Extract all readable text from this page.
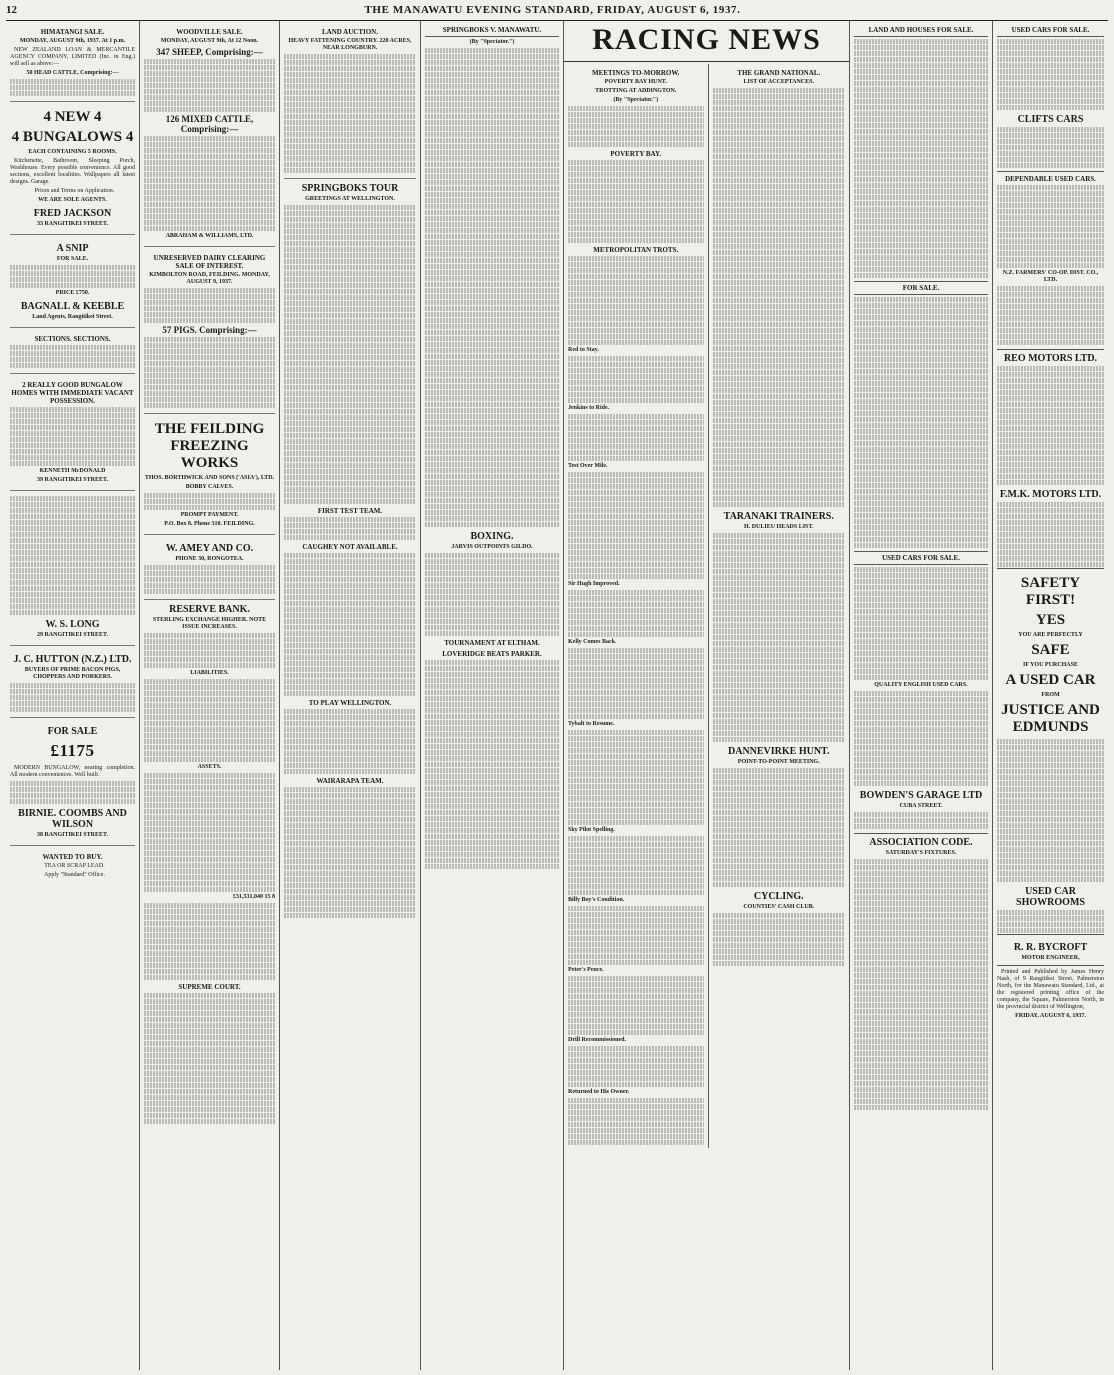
12	THE MANAWATU EVENING STANDARD, FRIDAY, AUGUST 6, 1937.
HIMATANGI SALE.
MONDAY, AUGUST 9th, 1937. At 1 p.m.

NEW ZEALAND LOAN & MERCANTILE AGENCY COMPANY, LIMITED (Inc. in Eng.) will sell as above:—

50 HEAD CATTLE, Comprising:—
4 NEW 4
4 BUNGALOWS 4
EACH CONTAINING 5 ROOMS.

Kitchenette, Bathroom, Sleeping Porch, Washhouse. Every possible convenience. All good sections, excellent localities. Wallpapers all latest designs. Garage.

Prices and Terms on Application.

WE ARE SOLE AGENTS.
FRED JACKSON
33 RANGITIKEI STREET.
A SNIP
FOR SALE.
PRICE £750.
BAGNALL & KEEBLE
Land Agents, Rangitikei Street.
SECTIONS. SECTIONS.
2 REALLY GOOD BUNGALOW HOMES WITH IMMEDIATE VACANT POSSESSION.
KENNETH McDONALD
39 RANGITIKEI STREET.
W. S. LONG
29 RANGITIKEI STREET.
J. C. HUTTON (N.Z.) LTD.
BUYERS OF PRIME BACON PIGS, CHOPPERS AND PORKERS.
FOR SALE
£1175

MODERN BUNGALOW, nearing completion. All modern conveniences. Well built.

BIRNIE. COOMBS AND WILSON
38 RANGITIKEI STREET.
WANTED TO BUY.

TEA OR SCRAP LEAD.

Apply "Standard" Office.

WOODVILLE SALE.
MONDAY, AUGUST 9th, At 12 Noon.
347 SHEEP, Comprising:—
126 MIXED CATTLE, Comprising:—
ABRAHAM & WILLIAMS, LTD.
UNRESERVED DAIRY CLEARING SALE OF INTEREST.
KIMBOLTON ROAD, FEILDING. MONDAY, AUGUST 9, 1937.
57 PIGS. Comprising:—
THE FEILDING FREEZING WORKS
THOS. BORTHWICK AND SONS ('ASIA'), LTD.
BOBBY CALVES.
PROMPT PAYMENT.
P.O. Box 8. Phone 310. FEILDING.
W. AMEY AND CO.
PHONE 30, RONGOTEA.
RESERVE BANK.
STERLING EXCHANGE HIGHER. NOTE ISSUE INCREASES.
LIABILITIES.
ASSETS.
£31,531,040 15 8
SUPREME COURT.
LAND AUCTION.
HEAVY FATTENING COUNTRY. 220 ACRES, NEAR LONGBURN.
SPRINGBOKS TOUR
GREETINGS AT WELLINGTON.
FIRST TEST TEAM.
CAUGHEY NOT AVAILABLE.
TO PLAY WELLINGTON.
WAIRARAPA TEAM.
SPRINGBOKS V. MANAWATU.
(By "Spectator.")
BOXING.
JARVIS OUTPOINTS GILDO.
TOURNAMENT AT ELTHAM.
LOVERIDGE BEATS PARKER.
RACING NEWS
MEETINGS TO-MORROW.
POVERTY BAY HUNT.
TROTTING AT ADDINGTON.
(By "Spectator.")
POVERTY BAY.
METROPOLITAN TROTS.
Red to Stay.
Jenkins to Ride.
Test Over Mile.
Sir Hugh Improved.
Kelly Comes Back.
Tybalt to Resume.
Sky Pilot Spelling.
Billy Boy's Condition.
Peter's Pence.
Drill Recommissioned.
Returned to His Owner.
THE GRAND NATIONAL.
LIST OF ACCEPTANCES.
TARANAKI TRAINERS.
H. DULIEU HEADS LIST.
DANNEVIRKE HUNT.
POINT-TO-POINT MEETING.
CYCLING.
COUNTIES' CASH CLUB.
LAND AND HOUSES FOR SALE.
FOR SALE.
USED CARS FOR SALE.
QUALITY ENGLISH USED CARS.
BOWDEN'S GARAGE LTD
CUBA STREET.
ASSOCIATION CODE.
SATURDAY'S FIXTURES.
USED CARS FOR SALE.
CLIFTS CARS
DEPENDABLE USED CARS.
N.Z. FARMERS' CO-OP. DIST. CO., LTD.
REO MOTORS LTD.
F.M.K. MOTORS LTD.
SAFETY FIRST!
YES
YOU ARE PERFECTLY
SAFE
IF YOU PURCHASE
A USED CAR
FROM
JUSTICE AND EDMUNDS
USED CAR SHOWROOMS
R. R. BYCROFT
MOTOR ENGINEER,

Printed and Published by James Henry Nash, of 9 Rangitikei Street, Palmerston North, for the Manawatu Standard, Ltd., at the registered printing office of the company, the Square, Palmerston North, in the provincial district of Wellington,

FRIDAY, AUGUST 6, 1937.
